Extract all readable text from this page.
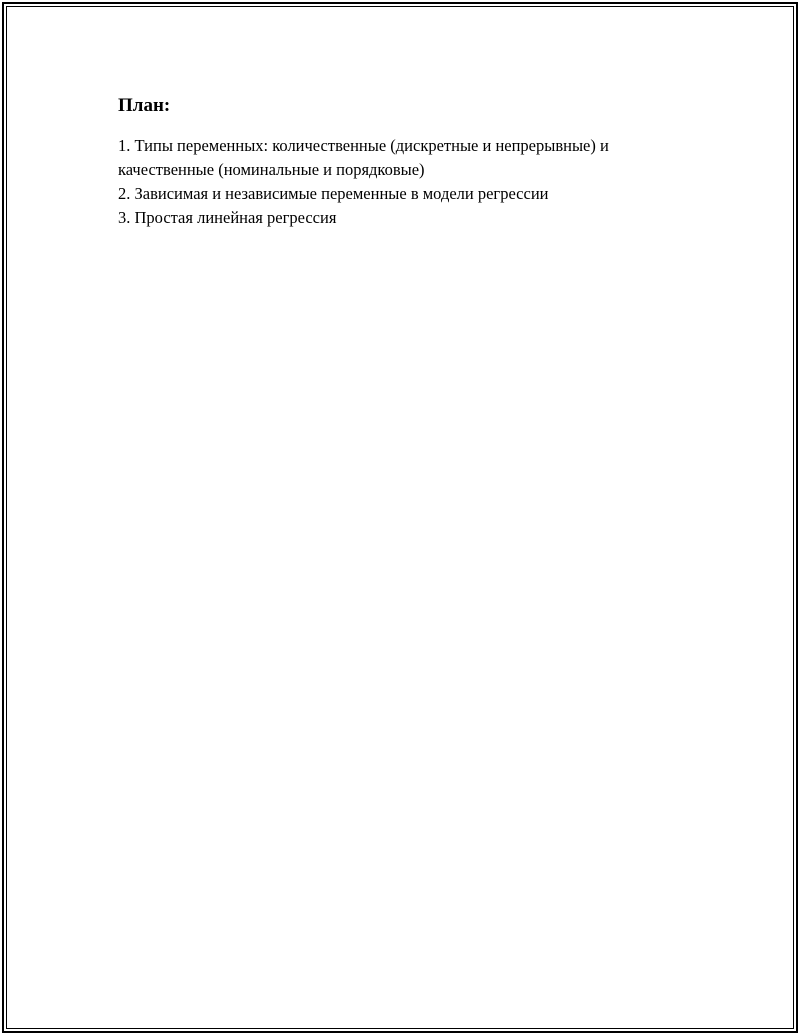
План:

1. Типы переменных: количественные (дискретные и непрерывные) и качественные (номинальные и порядковые)

2. Зависимая и независимые переменные в модели регрессии

3. Простая линейная регрессия
